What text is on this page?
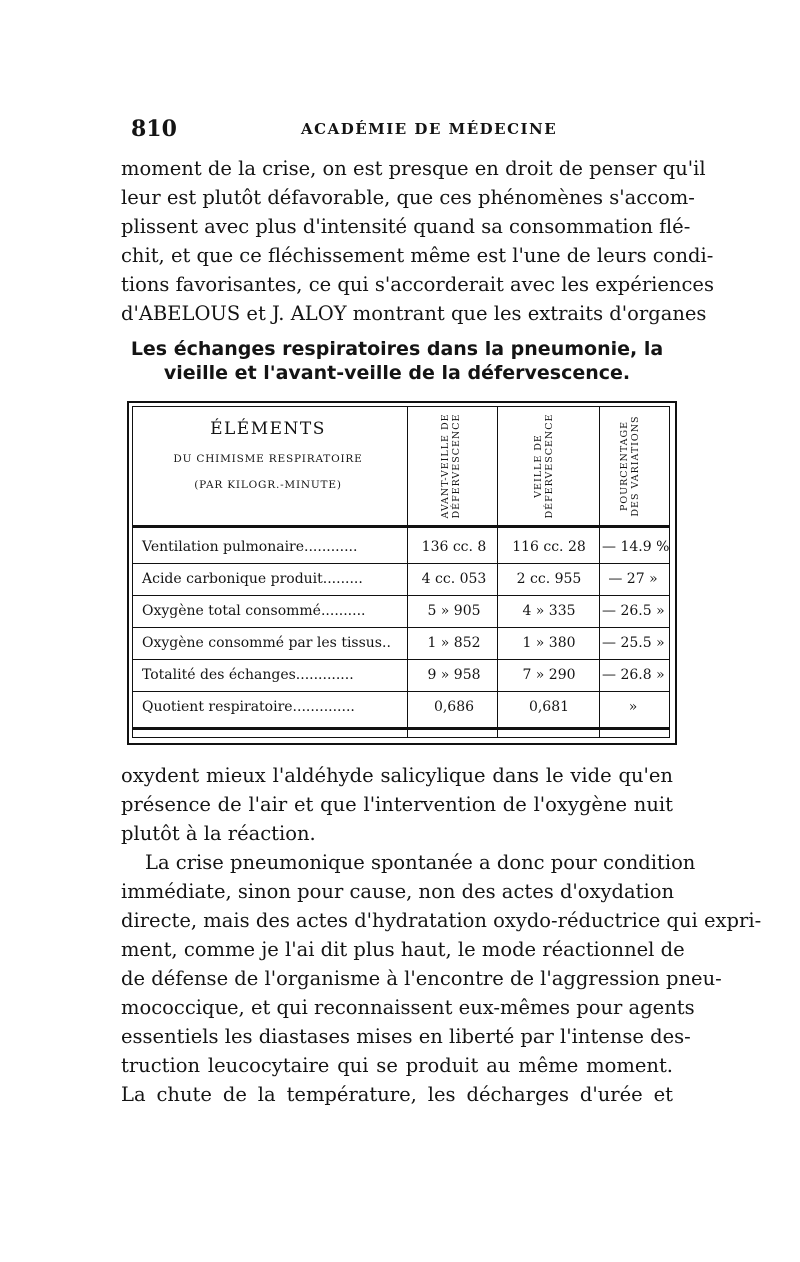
810	ACADÉMIE DE MÉDECINE
moment de la crise, on est presque en droit de penser qu'il
leur est plutôt défavorable, que ces phénomènes s'accom-
plissent avec plus d'intensité quand sa consommation flé-
chit, et que ce fléchissement même est l'une de leurs condi-
tions favorisantes, ce qui s'accorderait avec les expériences
d'ABELOUS et J. ALOY montrant que les extraits d'organes
Les échanges respiratoires dans la pneumonie, la
vieille et l'avant-veille de la défervescence.
ÉLÉMENTS
DU CHIMISME RESPIRATOIRE
(PAR KILOGR.-MINUTE)	AVANT-VEILLE DE DÉFERVESCENCE	VEILLE DE DÉFERVESCENCE	POURCENTAGE DES VARIATIONS
Ventilation pulmonaire............	136 cc. 8	116 cc. 28	— 14.9 %
Acide carbonique produit.........	4 cc. 053	2 cc. 955	— 27 »
Oxygène total consommé..........	5 » 905	4 » 335	— 26.5 »
Oxygène consommé par les tissus..	1 » 852	1 » 380	— 25.5 »
Totalité des échanges.............	9 » 958	7 » 290	— 26.8 »
Quotient respiratoire..............	0,686	0,681	»
oxydent mieux l'aldéhyde salicylique dans le vide qu'en
présence de l'air et que l'intervention de l'oxygène nuit
plutôt à la réaction.
La crise pneumonique spontanée a donc pour condition
immédiate, sinon pour cause, non des actes d'oxydation
directe, mais des actes d'hydratation oxydo-réductrice qui expri-
ment, comme je l'ai dit plus haut, le mode réactionnel de
de défense de l'organisme à l'encontre de l'aggression pneu-
mococcique, et qui reconnaissent eux-mêmes pour agents
essentiels les diastases mises en liberté par l'intense des-
truction leucocytaire qui se produit au même moment.
La chute de la température, les décharges d'urée et
